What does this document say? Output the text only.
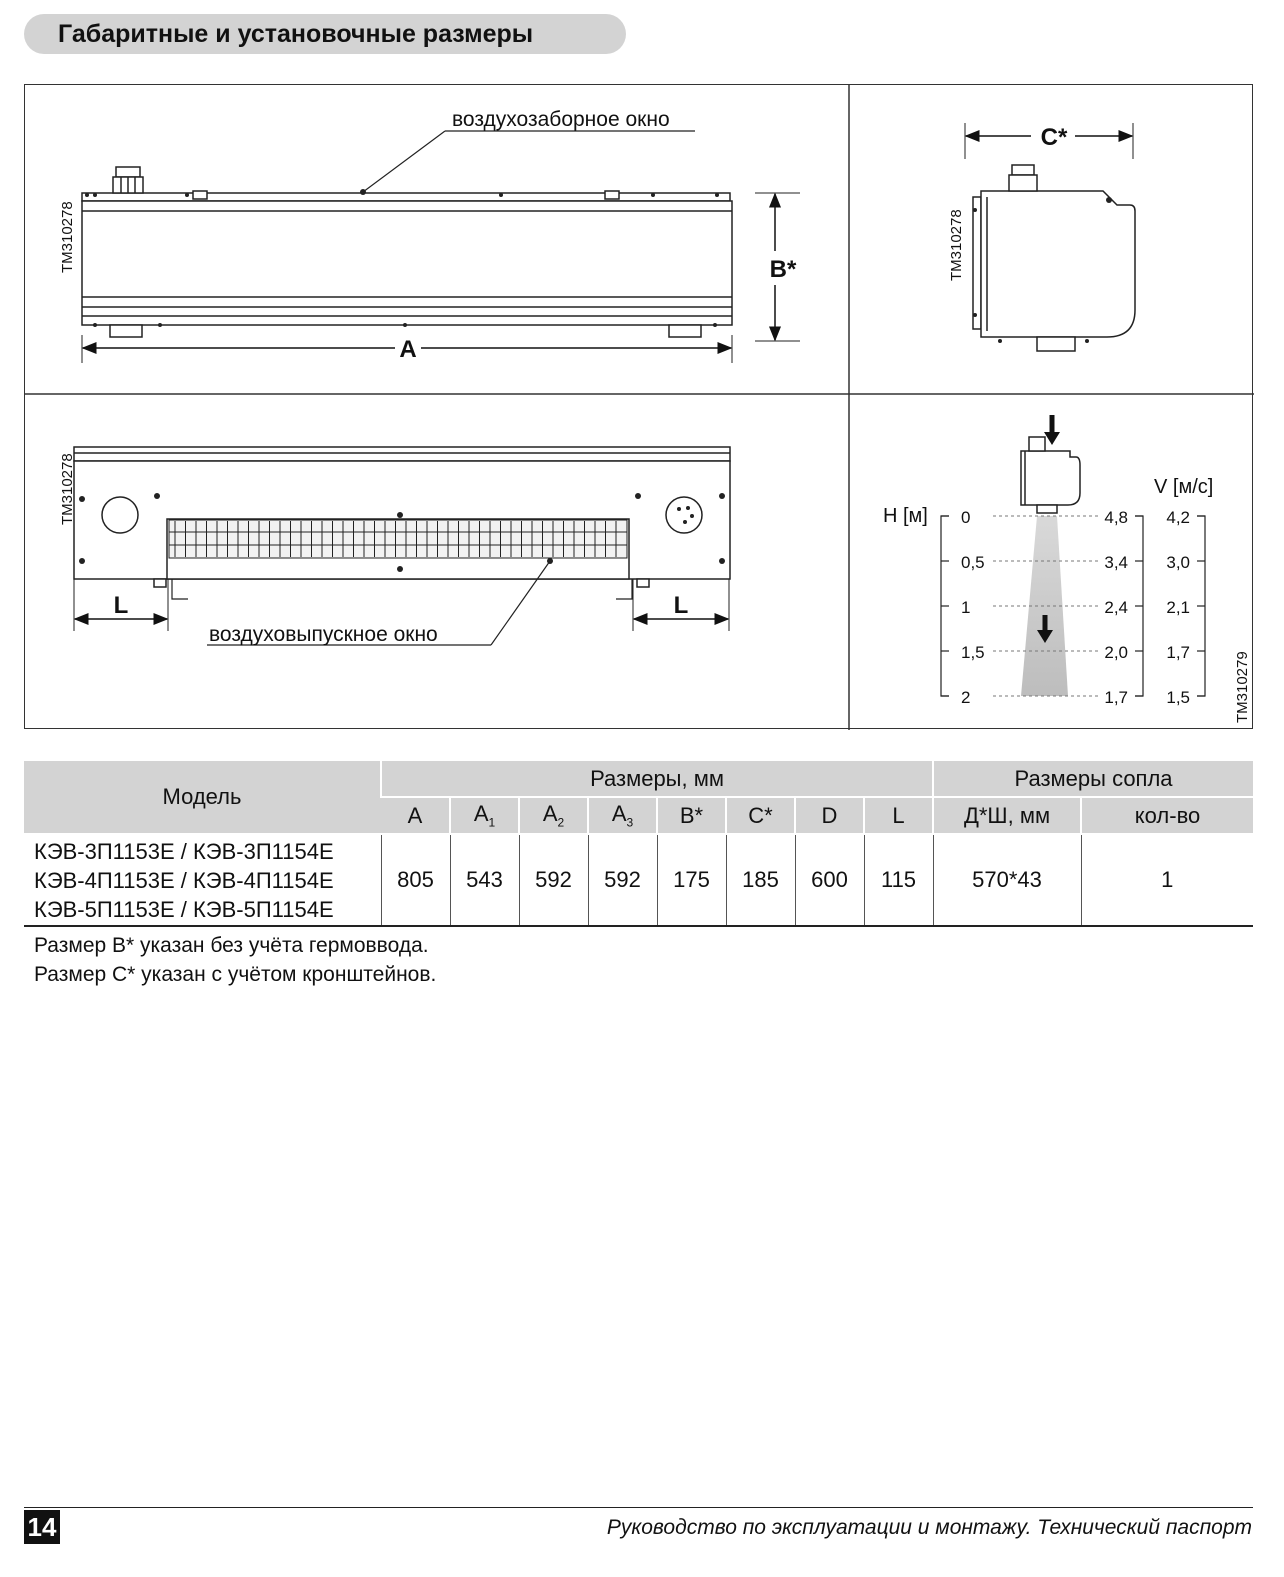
Габаритные и установочные размеры
воздухозаборное окно
TM310278
A
B*	TM310278
C*
TM310278
воздуховыпускное окно
L	L
H [м]
V [м/с]
0	4,8 4,2
0,5	3,4 3,0
1	2,4 2,1
1,5	2,0 1,7
2	1,7 1,5	TM310279
Модель	Размеры, мм								Размеры сопла	
	A	$A_1$	$A_2$	$A_3$	B*	C*	D	L	Д*Ш, мм	кол-во

КЭВ-3П1153Е / КЭВ-3П1154Е
КЭВ-4П1153Е / КЭВ-4П1154Е
КЭВ-5П1153Е / КЭВ-5П1154Е	805	543	592	592	175	185	600	115	570*43	1
Размер B* указан без учёта гермоввода.
Размер C* указан с учётом кронштейнов.
14	Руководство по эксплуатации и монтажу. Технический паспорт
